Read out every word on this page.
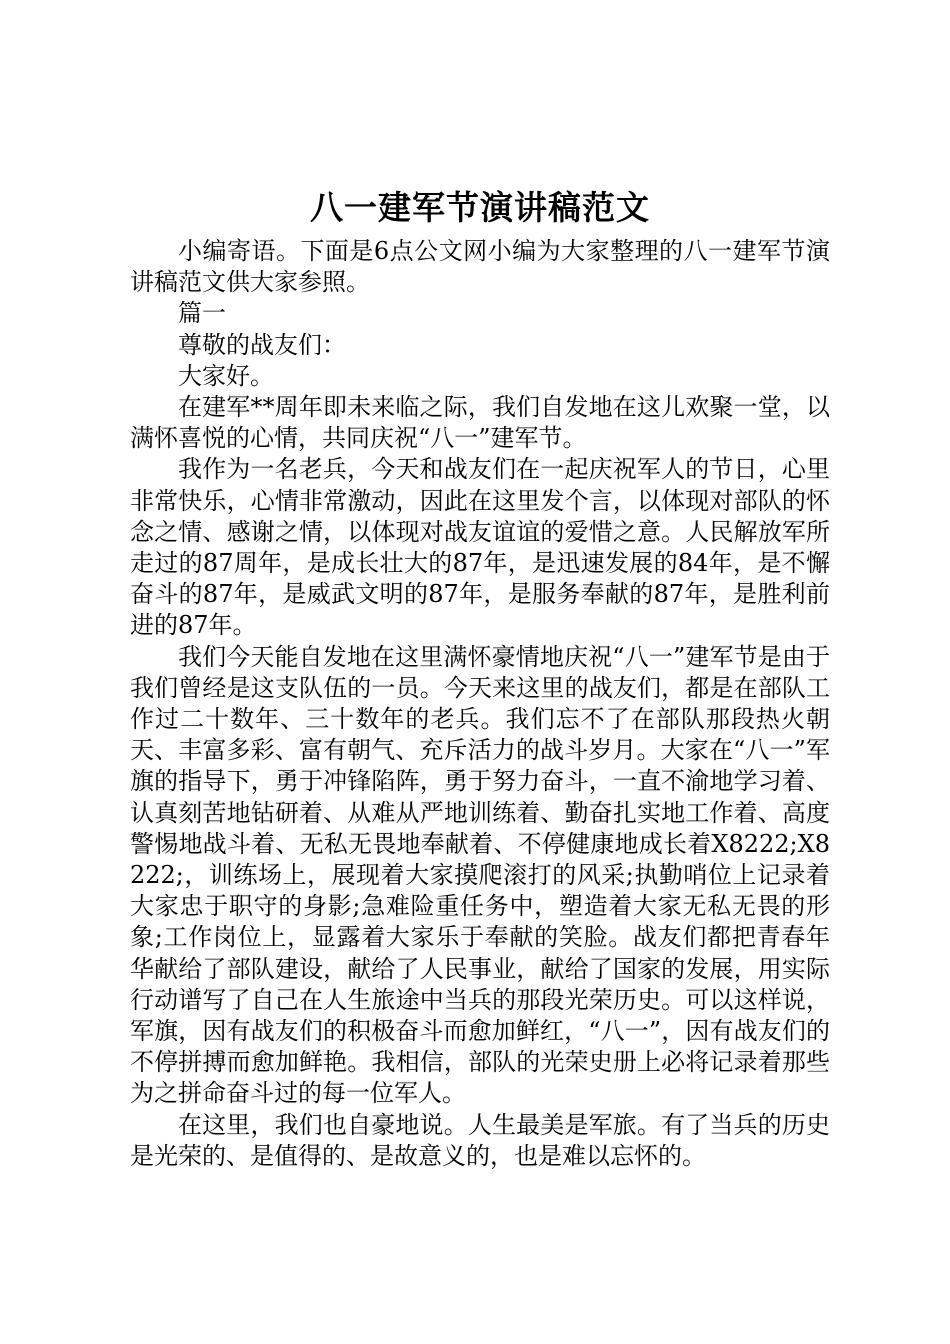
八一建军节演讲稿范文

小编寄语。下面是6点公文网小编为大家整理的八一建军节演讲稿范文供大家参照。

篇一

尊敬的战友们：

大家好。

在建军**周年即未来临之际，我们自发地在这儿欢聚一堂，以满怀喜悦的心情，共同庆祝“八一”建军节。

我作为一名老兵，今天和战友们在一起庆祝军人的节日，心里非常快乐，心情非常激动，因此在这里发个言，以体现对部队的怀念之情、感谢之情，以体现对战友谊谊的爱惜之意。人民解放军所走过的87周年，是成长壮大的87年，是迅速发展的84年，是不懈奋斗的87年，是威武文明的87年，是服务奉献的87年，是胜利前进的87年。

我们今天能自发地在这里满怀豪情地庆祝“八一”建军节是由于我们曾经是这支队伍的一员。今天来这里的战友们，都是在部队工作过二十数年、三十数年的老兵。我们忘不了在部队那段热火朝天、丰富多彩、富有朝气、充斥活力的战斗岁月。大家在“八一”军旗的指导下，勇于冲锋陷阵，勇于努力奋斗，一直不渝地学习着、认真刻苦地钻研着、从难从严地训练着、勤奋扎实地工作着、高度警惕地战斗着、无私无畏地奉献着、不停健康地成长着X8222;X8222;，训练场上，展现着大家摸爬滚打的风采;执勤哨位上记录着大家忠于职守的身影;急难险重任务中，塑造着大家无私无畏的形象;工作岗位上，显露着大家乐于奉献的笑脸。战友们都把青春年华献给了部队建设，献给了人民事业，献给了国家的发展，用实际行动谱写了自己在人生旅途中当兵的那段光荣历史。可以这样说，军旗，因有战友们的积极奋斗而愈加鲜红，“八一”，因有战友们的不停拼搏而愈加鲜艳。我相信，部队的光荣史册上必将记录着那些为之拼命奋斗过的每一位军人。

在这里，我们也自豪地说。人生最美是军旅。有了当兵的历史是光荣的、是值得的、是故意义的，也是难以忘怀的。
